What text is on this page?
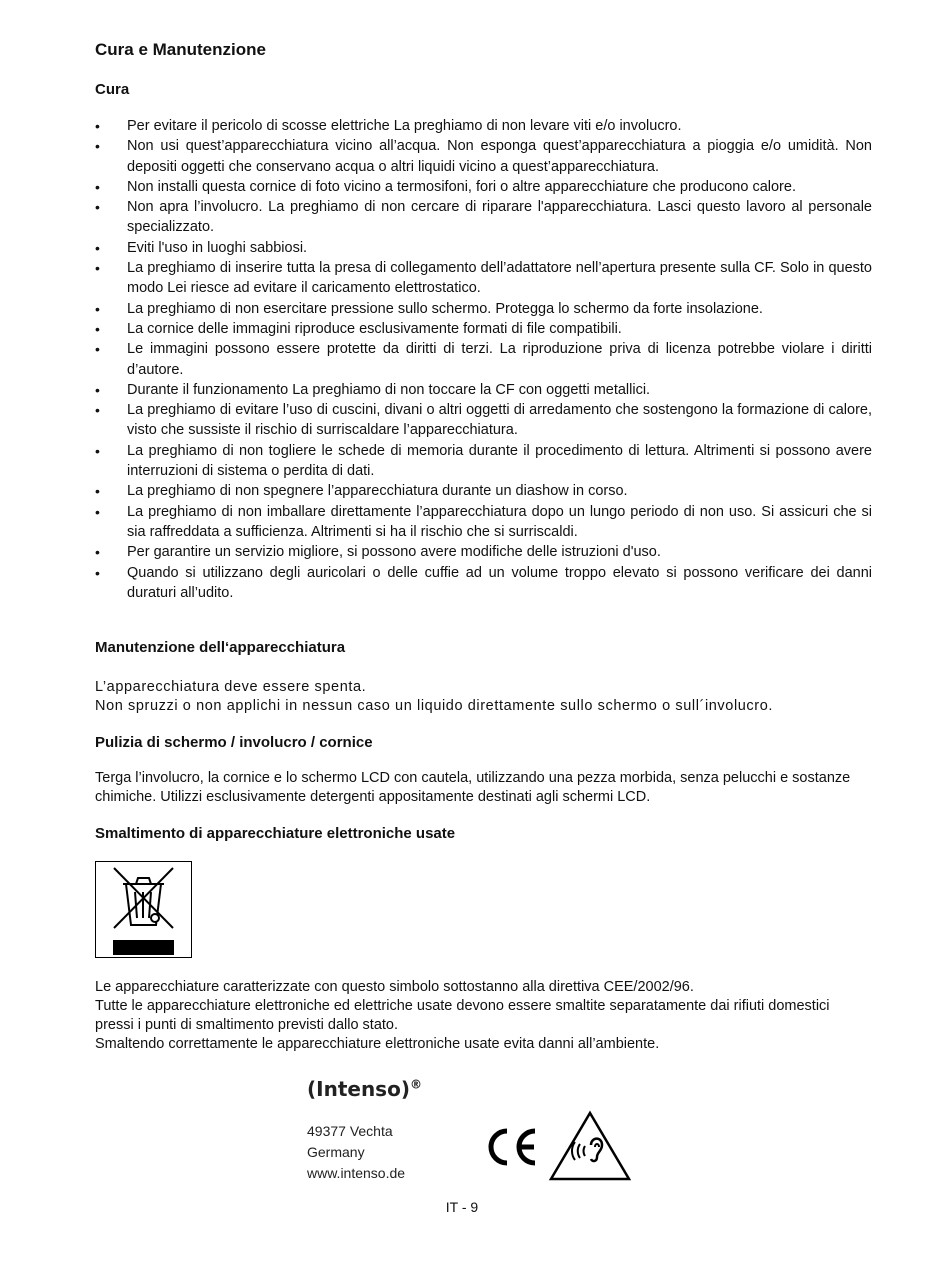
Cura e Manutenzione
Cura
• Per evitare il pericolo di scosse elettriche La preghiamo di non levare viti e/o involucro.
• Non usi quest’apparecchiatura vicino all’acqua. Non esponga quest’apparecchiatura a pioggia e/o umidità. Non depositi oggetti che conservano acqua o altri liquidi vicino a quest’apparecchiatura.
• Non installi questa cornice di foto vicino a termosifoni, fori o altre apparecchiature che producono calore.
• Non apra l’involucro. La preghiamo di non cercare di riparare l'apparecchiatura. Lasci questo lavoro al personale specializzato.
• Eviti l'uso in luoghi sabbiosi.
• La preghiamo di inserire tutta la presa di collegamento dell’adattatore nell’apertura presente sulla CF. Solo in questo modo Lei riesce ad evitare il caricamento elettrostatico.
• La preghiamo di non esercitare pressione sullo schermo. Protegga lo schermo da forte insolazione.
• La cornice delle immagini riproduce esclusivamente formati di file compatibili.
• Le immagini possono essere protette da diritti di terzi. La riproduzione priva di licenza potrebbe violare i diritti d’autore.
• Durante il funzionamento La preghiamo di non toccare la CF con oggetti metallici.
• La preghiamo di evitare l’uso di cuscini, divani o altri oggetti di arredamento che sostengono la formazione di calore, visto che sussiste il rischio di surriscaldare l’apparecchiatura.
• La preghiamo di non togliere le schede di memoria durante il procedimento di lettura. Altrimenti si possono avere interruzioni di sistema o perdita di dati.
• La preghiamo di non spegnere l’apparecchiatura durante un diashow in corso.
• La preghiamo di non imballare direttamente l’apparecchiatura dopo un lungo periodo di non uso. Si assicuri che si sia raffreddata a sufficienza. Altrimenti si ha il rischio che si surriscaldi.
• Per garantire un servizio migliore, si possono avere modifiche delle istruzioni d'uso.
• Quando si utilizzano degli auricolari o delle cuffie ad un volume troppo elevato si possono verificare dei danni duraturi all’udito.
Manutenzione dell‘apparecchiatura

L’apparecchiatura deve essere spenta.

Non spruzzi o non applichi in nessun caso un liquido direttamente sullo schermo o sull´involucro.

Pulizia di schermo / involucro / cornice

Terga l’involucro, la cornice e lo schermo LCD con cautela, utilizzando una pezza morbida, senza pelucchi e sostanze chimiche. Utilizzi esclusivamente detergenti appositamente destinati agli schermi LCD.

Smaltimento di apparecchiature elettroniche usate

Le apparecchiature caratterizzate con questo simbolo sottostanno alla direttiva CEE/2002/96.

Tutte le apparecchiature elettroniche ed elettriche usate devono essere smaltite separatamente dai rifiuti domestici pressi i punti di smaltimento previsti dallo stato.

Smaltendo correttamente le apparecchiature elettroniche usate evita danni all’ambiente.

(Intenso)®
49377 Vechta
Germany
www.intenso.de
IT - 9
